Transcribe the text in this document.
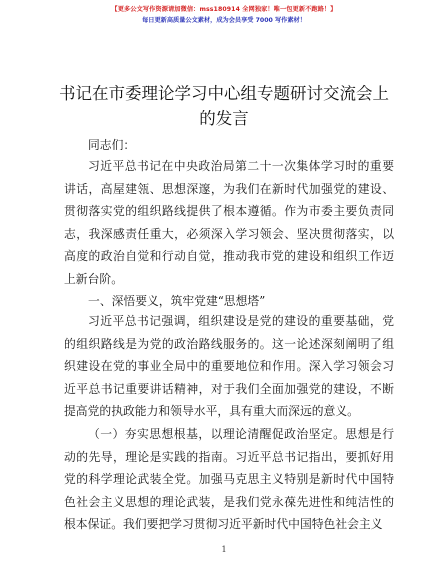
【更多公文写作资源请加微信：mss180914 全网独家！唯一包更新不跑路！】
每日更新高质量公文素材，成为会员享受 7000 写作素材！
书记在市委理论学习中心组专题研讨交流会上
的发言
同志们：

习近平总书记在中央政治局第二十一次集体学习时的重要讲话，高屋建瓴、思想深邃，为我们在新时代加强党的建设、贯彻落实党的组织路线提供了根本遵循。作为市委主要负责同志，我深感责任重大，必须深入学习领会、坚决贯彻落实，以高度的政治自觉和行动自觉，推动我市党的建设和组织工作迈上新台阶。

一、深悟要义，筑牢党建“思想塔”

习近平总书记强调，组织建设是党的建设的重要基础，党的组织路线是为党的政治路线服务的。这一论述深刻阐明了组织建设在党的事业全局中的重要地位和作用。深入学习领会习近平总书记重要讲话精神，对于我们全面加强党的建设，不断提高党的执政能力和领导水平，具有重大而深远的意义。

（一）夯实思想根基，以理论清醒促政治坚定。思想是行动的先导，理论是实践的指南。习近平总书记指出，要抓好用党的科学理论武装全党。加强马克思主义特别是新时代中国特色社会主义思想的理论武装，是我们党永葆先进性和纯洁性的根本保证。我们要把学习贯彻习近平新时代中国特色社会主义

1
